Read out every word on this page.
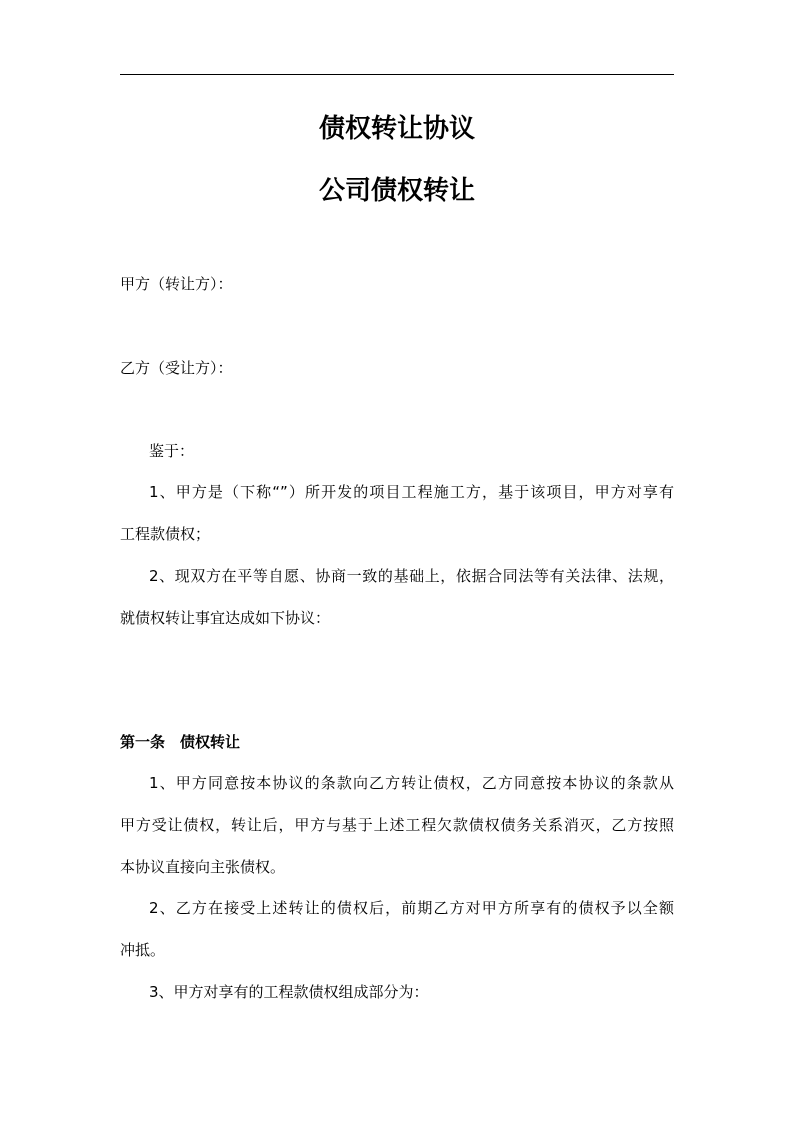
债权转让协议
公司债权转让
甲方（转让方）：
乙方（受让方）：
鉴于：
1、甲方是（下称“”）所开发的项目工程施工方，基于该项目，甲方对享有
工程款债权；
2、现双方在平等自愿、协商一致的基础上，依据合同法等有关法律、法规，
就债权转让事宜达成如下协议：
第一条　债权转让
1、甲方同意按本协议的条款向乙方转让债权，乙方同意按本协议的条款从
甲方受让债权，转让后，甲方与基于上述工程欠款债权债务关系消灭，乙方按照
本协议直接向主张债权。
2、乙方在接受上述转让的债权后，前期乙方对甲方所享有的债权予以全额
冲抵。
3、甲方对享有的工程款债权组成部分为：
